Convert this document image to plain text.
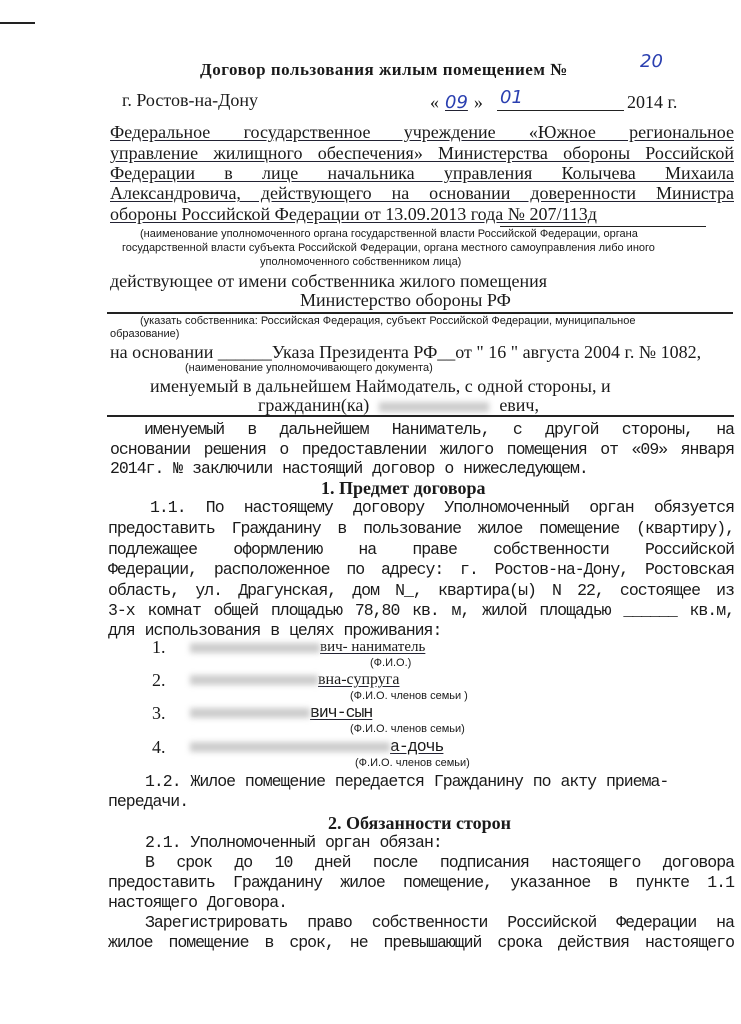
Договор пользования жилым помещением №	20
г. Ростов-на-Дону	« 09 » 01	2014 г.
Федеральное государственное учреждение «Южное региональное
управление жилищного обеспечения» Министерства обороны Российской
Федерации в лице начальника управления Колычева Михаила
Александровича, действующего на основании доверенности Министра
обороны Российской Федерации от 13.09.2013 года № 207/113д
(наименование уполномоченного органа государственной власти Российской Федерации, органа
государственной власти субъекта Российской Федерации, органа местного самоуправления либо иного
уполномоченного собственником лица)
действующее от имени собственника жилого помещения
Министерство обороны РФ
(указать собственника: Российская Федерация, субъект Российской Федерации, муниципальное
образование)
на основании ______Указа Президента РФ__от " 16 " августа 2004 г. № 1082,
(наименование уполномочивающего документа)
именуемый в дальнейшем Наймодатель, с одной стороны, и
гражданин(ка)	евич,
именуемый в дальнейшем Наниматель, с другой стороны, на
основании решения о предоставлении жилого помещения от «09» января
2014г. № заключили настоящий договор о нижеследующем.
1. Предмет договора
1.1. По настоящему договору Уполномоченный орган обязуется
предоставить Гражданину в пользование жилое помещение (квартиру),
подлежащее оформлению на праве собственности Российской
Федерации, расположенное по адресу: г. Ростов-на-Дону, Ростовская
область, ул. Драгунская, дом N_, квартира(ы) N 22, состоящее из
3-х комнат общей площадью 78,80 кв. м, жилой площадью ______ кв.м,
для использования в целях проживания:
1.	вич- наниматель
(Ф.И.О.)
2.	вна-супруга
(Ф.И.О. членов семьи )
3.	вич-сын
(Ф.И.О. членов семьи)
4.	а-дочь
(Ф.И.О. членов семьи)
1.2. Жилое помещение передается Гражданину по акту приема-
передачи.
2. Обязанности сторон
2.1. Уполномоченный орган обязан:
В срок до 10 дней после подписания настоящего договора
предоставить Гражданину жилое помещение, указанное в пункте 1.1
настоящего Договора.
Зарегистрировать право собственности Российской Федерации на
жилое помещение в срок, не превышающий срока действия настоящего
